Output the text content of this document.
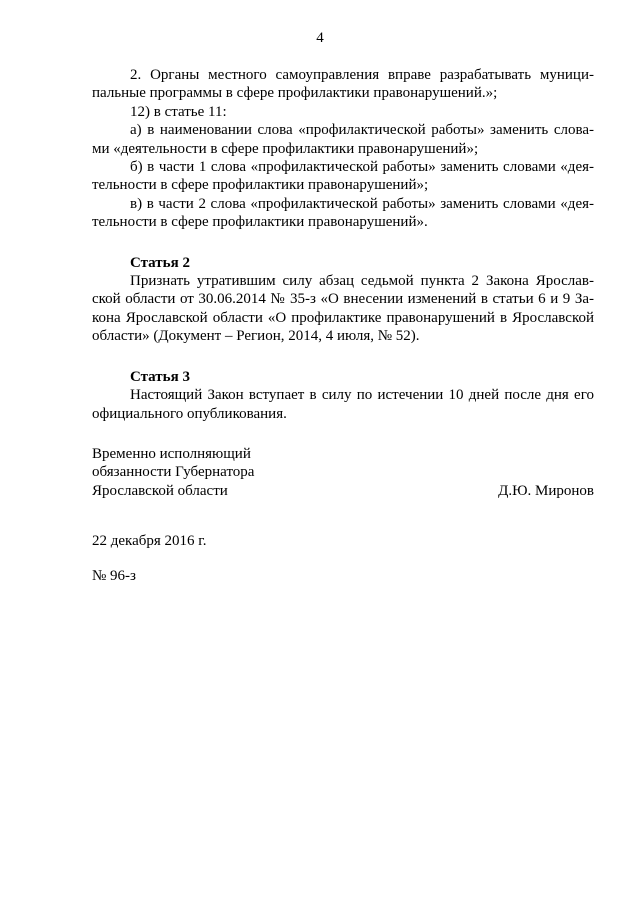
4
2. Органы местного самоуправления вправе разрабатывать муници-
пальные программы в сфере профилактики правонарушений.»;
12) в статье 11:
а) в наименовании слова «профилактической работы» заменить слова-
ми «деятельности в сфере профилактики правонарушений»;
б) в части 1 слова «профилактической работы» заменить словами «дея-
тельности в сфере профилактики правонарушений»;
в) в части 2 слова «профилактической работы» заменить словами «дея-
тельности в сфере профилактики правонарушений».
Статья 2
Признать утратившим силу абзац седьмой пункта 2 Закона Ярослав-
ской области от 30.06.2014 № 35-з «О внесении изменений в статьи 6 и 9 За-
кона Ярославской области «О профилактике правонарушений в Ярославской
области» (Документ – Регион, 2014, 4 июля, № 52).
Статья 3
Настоящий Закон вступает в силу по истечении 10 дней после дня его
официального опубликования.
Временно исполняющий
обязанности Губернатора
Ярославской области	Д.Ю. Миронов
22 декабря 2016 г.
№ 96-з
